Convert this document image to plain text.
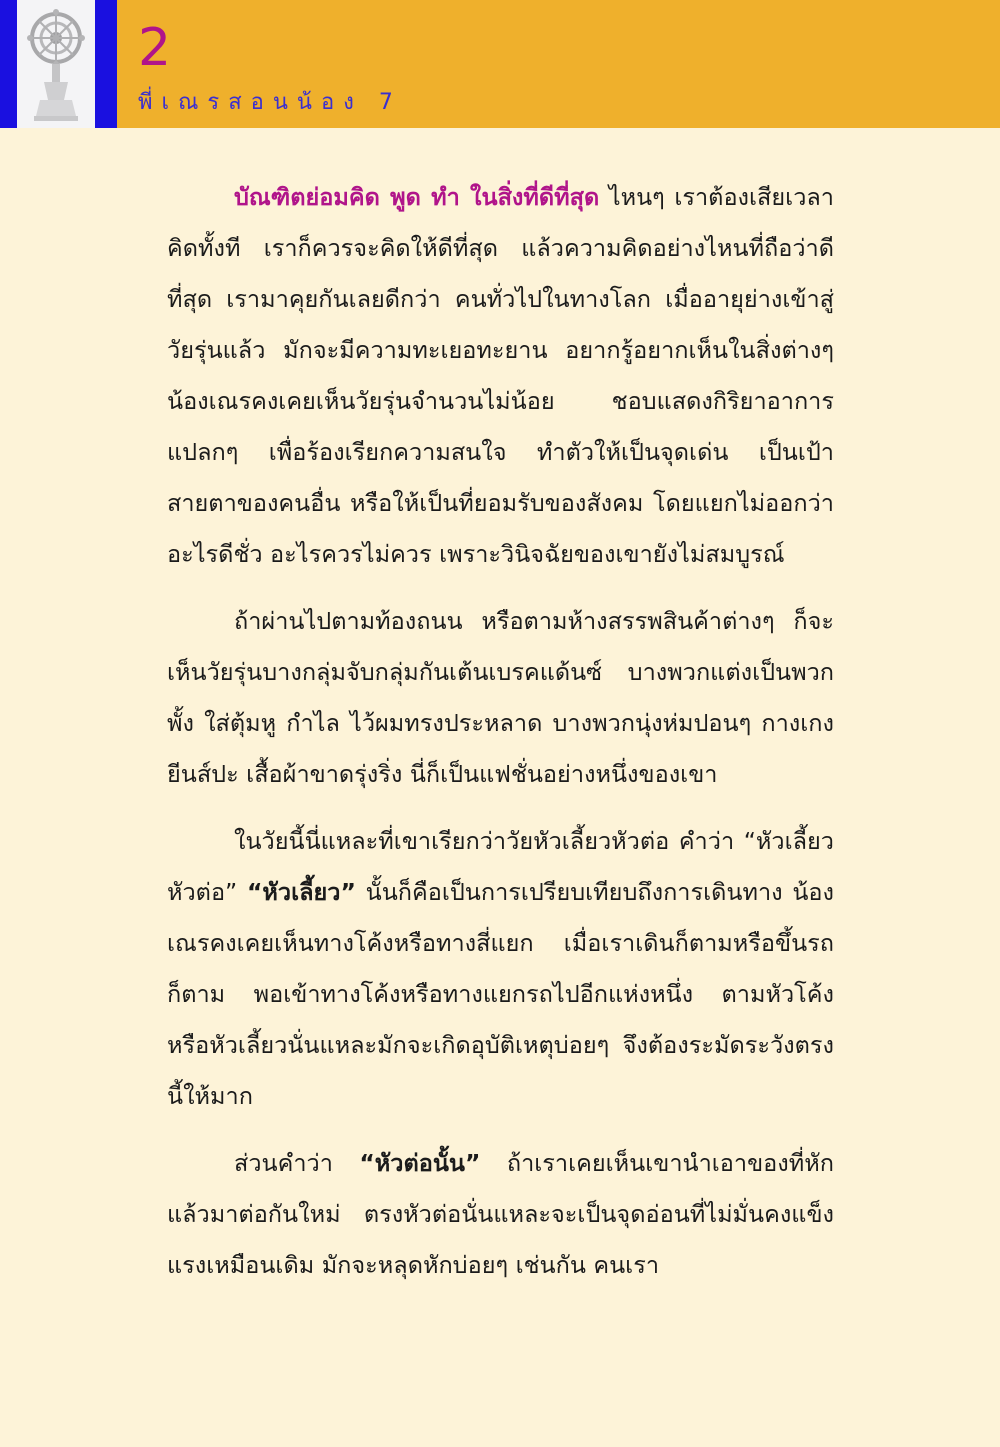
2
พี่เณรสอนน้อง 7

บัณฑิตย่อมคิด พูด ทำ ในสิ่งที่ดีที่สุด ไหนๆ เราต้องเสียเวลาคิดทั้งที เราก็ควรจะคิดให้ดีที่สุด แล้วความคิดอย่างไหนที่ถือว่าดีที่สุด เรามาคุยกันเลยดีกว่า คนทั่วไปในทางโลก เมื่ออายุย่างเข้าสู่วัยรุ่นแล้ว มักจะมีความทะเยอทะยาน อยากรู้อยากเห็นในสิ่งต่างๆ น้องเณรคงเคยเห็นวัยรุ่นจำนวนไม่น้อย ชอบแสดงกิริยาอาการแปลกๆ เพื่อร้องเรียกความสนใจ ทำตัวให้เป็นจุดเด่น เป็นเป้าสายตาของคนอื่น หรือให้เป็นที่ยอมรับของสังคม โดยแยกไม่ออกว่าอะไรดีชั่ว อะไรควรไม่ควร เพราะวินิจฉัยของเขายังไม่สมบูรณ์

ถ้าผ่านไปตามท้องถนน หรือตามห้างสรรพสินค้าต่างๆ ก็จะเห็นวัยรุ่นบางกลุ่มจับกลุ่มกันเต้นเบรคแด้นซ์ บางพวกแต่งเป็นพวกพั้ง ใส่ตุ้มหู กำไล ไว้ผมทรงประหลาด บางพวกนุ่งห่มปอนๆ กางเกงยีนส์ปะ เสื้อผ้าขาดรุ่งริ่ง นี่ก็เป็นแฟชั่นอย่างหนึ่งของเขา

ในวัยนี้นี่แหละที่เขาเรียกว่าวัยหัวเลี้ยวหัวต่อ คำว่า “หัวเลี้ยวหัวต่อ” “หัวเลี้ยว” นั้นก็คือเป็นการเปรียบเทียบถึงการเดินทาง น้องเณรคงเคยเห็นทางโค้งหรือทางสี่แยก เมื่อเราเดินก็ตามหรือขึ้นรถก็ตาม พอเข้าทางโค้งหรือทางแยกรถไปอีกแห่งหนึ่ง ตามหัวโค้งหรือหัวเลี้ยวนั่นแหละมักจะเกิดอุบัติเหตุบ่อยๆ จึงต้องระมัดระวังตรงนี้ให้มาก

ส่วนคำว่า “หัวต่อนั้น” ถ้าเราเคยเห็นเขานำเอาของที่หักแล้วมาต่อกันใหม่ ตรงหัวต่อนั่นแหละจะเป็นจุดอ่อนที่ไม่มั่นคงแข็งแรงเหมือนเดิม มักจะหลุดหักบ่อยๆ เช่นกัน คนเรา
